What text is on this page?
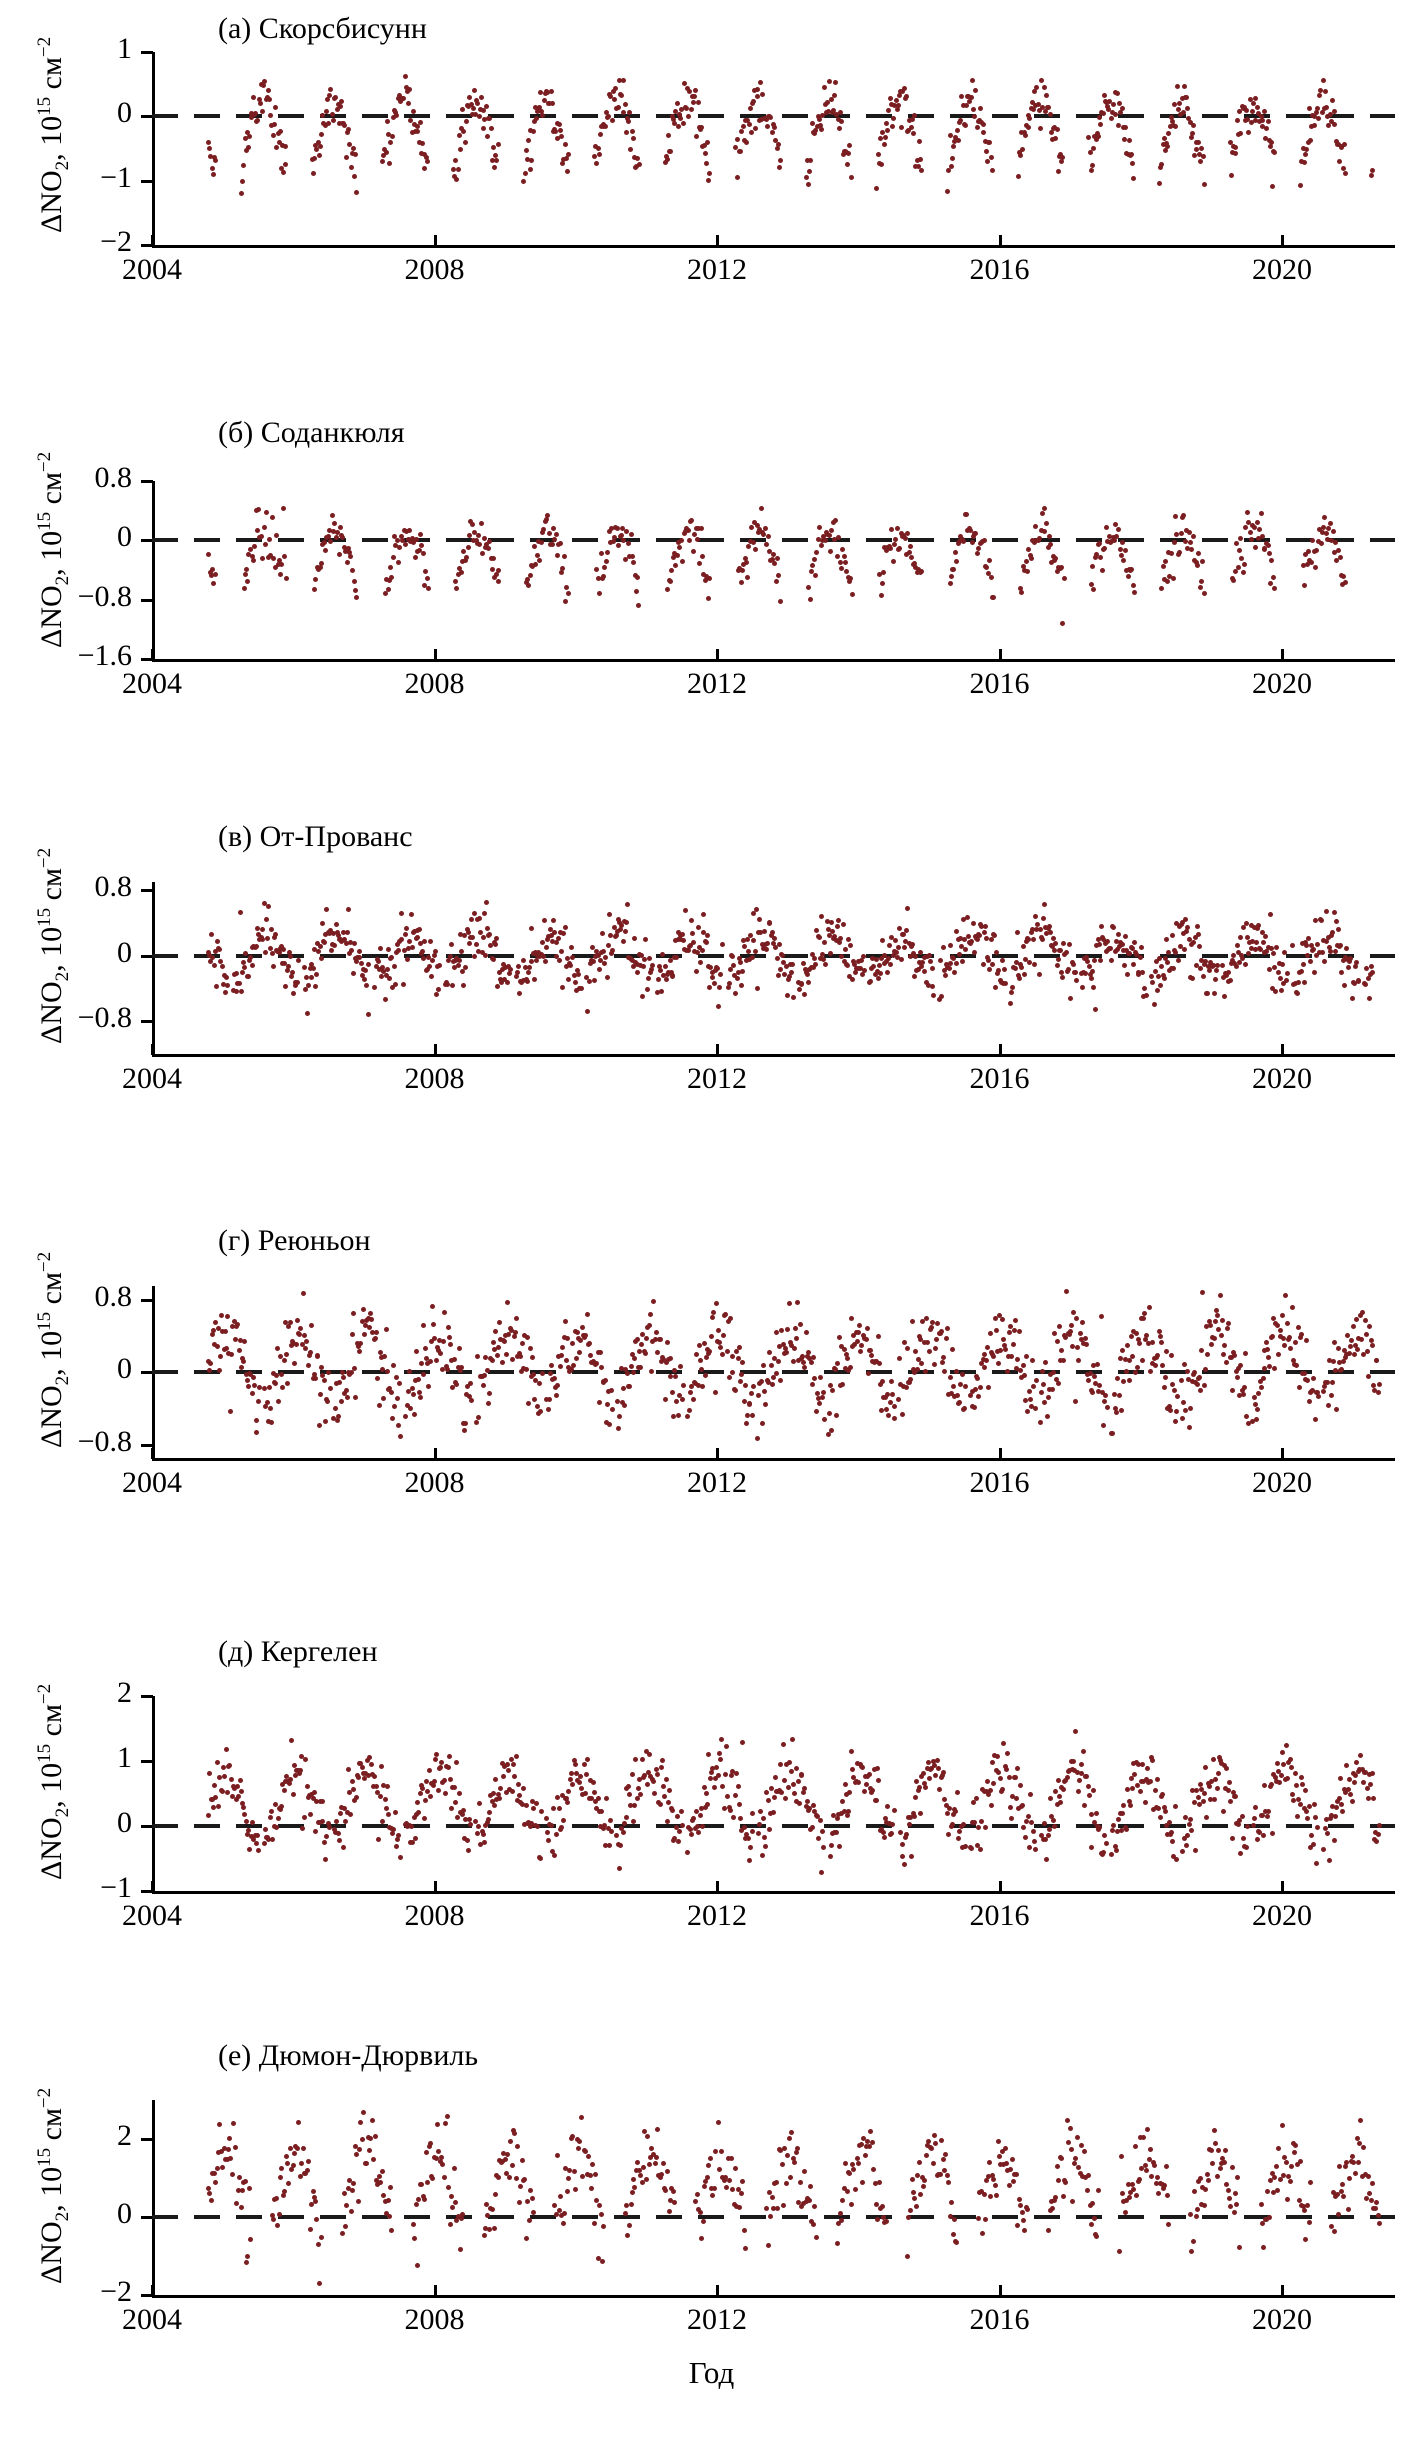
(а) Скорсбисунн
$\Delta NO_2$, $10^{15}$ $см^{-2}$
−2
−1
0
1
2004	2008	2012	2016	2020
(б) Соданкюля
$\Delta NO_2$, $10^{15}$ $см^{-2}$
−1.6
−0.8
0
0.8
2004	2008	2012	2016	2020
(в) От-Прованс
$\Delta NO_2$, $10^{15}$ $см^{-2}$
−0.8
0
0.8
2004	2008	2012	2016	2020
(г) Реюньон
$\Delta NO_2$, $10^{15}$ $см^{-2}$
−0.8
0
0.8
2004	2008	2012	2016	2020
(д) Кергелен
$\Delta NO_2$, $10^{15}$ $см^{-2}$
−1
0
1
2
2004	2008	2012	2016	2020
(е) Дюмон-Дюрвиль
$\Delta NO_2$, $10^{15}$ $см^{-2}$
−2
0
2
2004	2008	2012	2016	2020
Год
